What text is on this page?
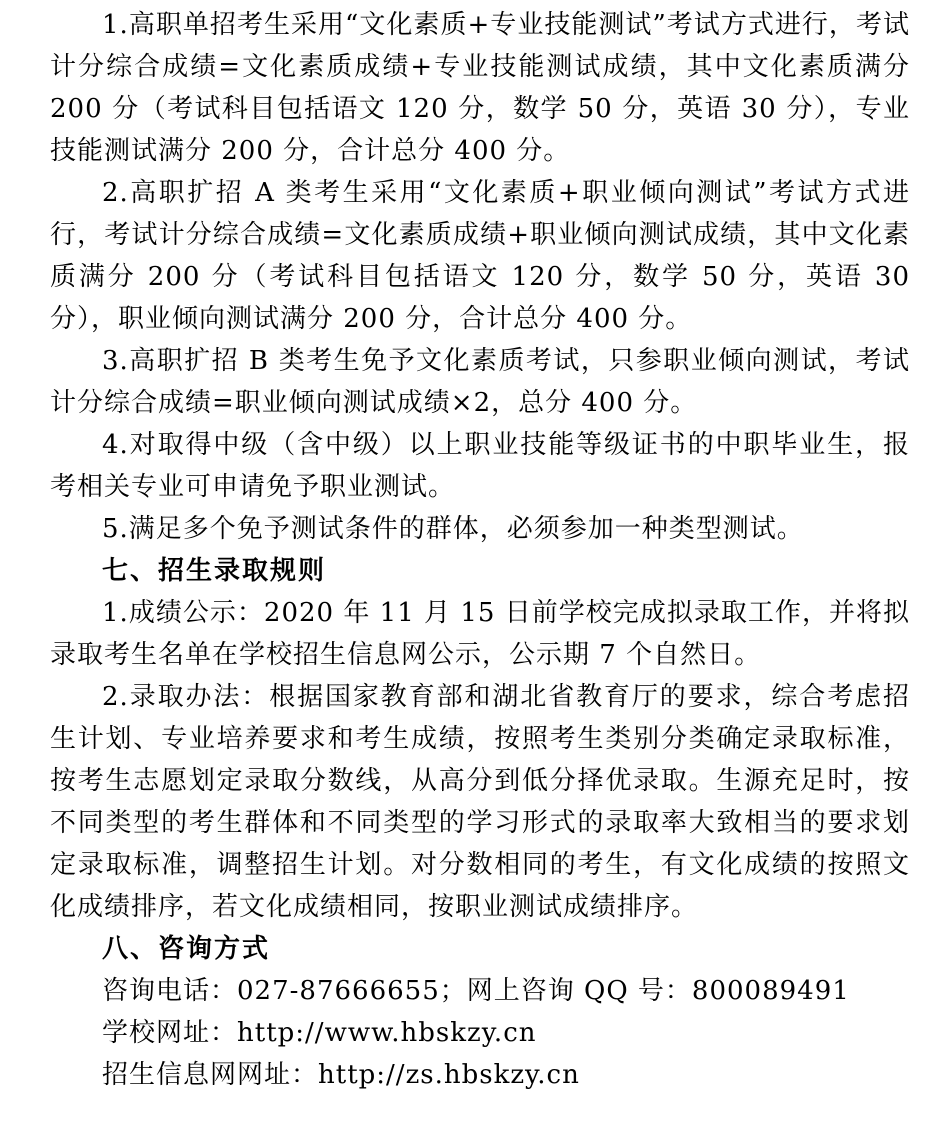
1.高职单招考生采用“文化素质+专业技能测试”考试方式进行，考试计分综合成绩=文化素质成绩+专业技能测试成绩，其中文化素质满分 200 分（考试科目包括语文 120 分，数学 50 分，英语 30 分），专业技能测试满分 200 分，合计总分 400 分。

2.高职扩招 A 类考生采用“文化素质+职业倾向测试”考试方式进行，考试计分综合成绩=文化素质成绩+职业倾向测试成绩，其中文化素质满分 200 分（考试科目包括语文 120 分，数学 50 分，英语 30 分），职业倾向测试满分 200 分，合计总分 400 分。

3.高职扩招 B 类考生免予文化素质考试，只参职业倾向测试，考试计分综合成绩=职业倾向测试成绩×2，总分 400 分。

4.对取得中级（含中级）以上职业技能等级证书的中职毕业生，报考相关专业可申请免予职业测试。

5.满足多个免予测试条件的群体，必须参加一种类型测试。

七、招生录取规则

1.成绩公示：2020 年 11 月 15 日前学校完成拟录取工作，并将拟录取考生名单在学校招生信息网公示，公示期 7 个自然日。

2.录取办法：根据国家教育部和湖北省教育厅的要求，综合考虑招生计划、专业培养要求和考生成绩，按照考生类别分类确定录取标准，按考生志愿划定录取分数线，从高分到低分择优录取。生源充足时，按不同类型的考生群体和不同类型的学习形式的录取率大致相当的要求划定录取标准，调整招生计划。对分数相同的考生，有文化成绩的按照文化成绩排序，若文化成绩相同，按职业测试成绩排序。

八、咨询方式

咨询电话：027-87666655；网上咨询 QQ 号：800089491

学校网址：http://www.hbskzy.cn

招生信息网网址：http://zs.hbskzy.cn
